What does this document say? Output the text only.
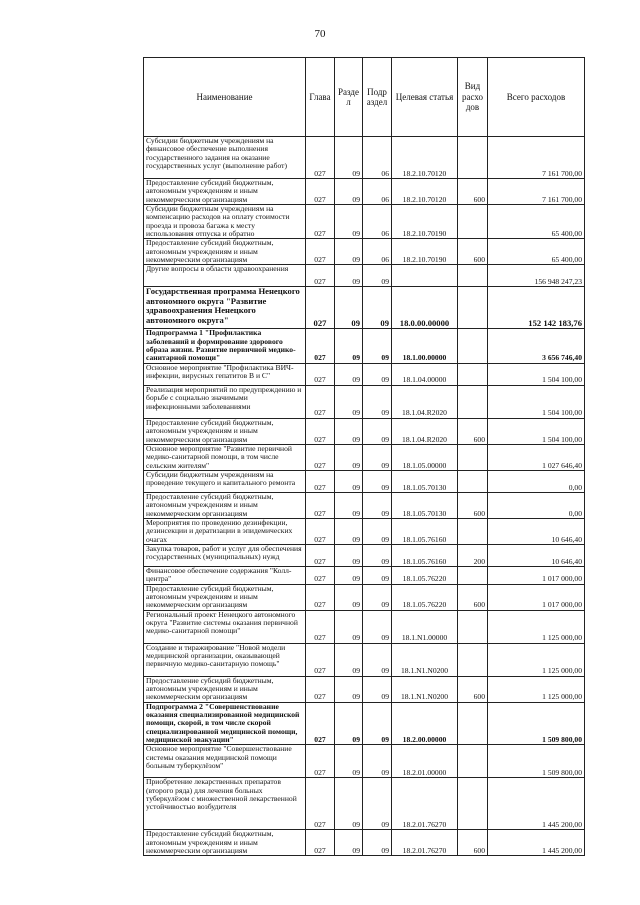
70
Наименование	Глава	Разде л	Подр аздел	Целевая статья	Вид расхо дов	Всего расходов
Субсидии бюджетным учреждениям на финансовое обеспечение выполнения государственного задания на оказание государственных услуг (выполнение работ)	027	09	06	18.2.10.70120		7 161 700,00
Предоставление субсидий бюджетным, автономным учреждениям и иным некоммерческим организациям	027	09	06	18.2.10.70120	600	7 161 700,00
Субсидии бюджетным учреждениям на компенсацию расходов на оплату стоимости проезда и провоза багажа к месту использования отпуска и обратно	027	09	06	18.2.10.70190		65 400,00
Предоставление субсидий бюджетным, автономным учреждениям и иным некоммерческим организациям	027	09	06	18.2.10.70190	600	65 400,00
Другие вопросы в области здравоохранения	027	09	09			156 948 247,23
Государственная программа Ненецкого автономного округа "Развитие здравоохранения Ненецкого автономного округа"	027	09	09	18.0.00.00000		152 142 183,76
Подпрограмма 1 "Профилактика заболеваний и формирование здорового образа жизни. Развитие первичной медико-санитарной помощи"	027	09	09	18.1.00.00000		3 656 746,40
Основное мероприятие "Профилактика ВИЧ-инфекции, вирусных гепатитов В и С"	027	09	09	18.1.04.00000		1 504 100,00
Реализация мероприятий по предупреждению и борьбе с социально значимыми инфекционными заболеваниями	027	09	09	18.1.04.R2020		1 504 100,00
Предоставление субсидий бюджетным, автономным учреждениям и иным некоммерческим организациям	027	09	09	18.1.04.R2020	600	1 504 100,00
Основное мероприятие "Развитие первичной медико-санитарной помощи, в том числе сельским жителям"	027	09	09	18.1.05.00000		1 027 646,40
Субсидии бюджетным учреждениям на проведение текущего и капитального ремонта	027	09	09	18.1.05.70130		0,00
Предоставление субсидий бюджетным, автономным учреждениям и иным некоммерческим организациям	027	09	09	18.1.05.70130	600	0,00
Мероприятия по проведению дезинфекции, дезинсекции и дератизации в эпидемических очагах	027	09	09	18.1.05.76160		10 646,40
Закупка товаров, работ и услуг для обеспечения государственных (муниципальных) нужд	027	09	09	18.1.05.76160	200	10 646,40
Финансовое обеспечение содержания "Колл-центра"	027	09	09	18.1.05.76220		1 017 000,00
Предоставление субсидий бюджетным, автономным учреждениям и иным некоммерческим организациям	027	09	09	18.1.05.76220	600	1 017 000,00
Региональный проект Ненецкого автономного округа "Развитие системы оказания первичной медико-санитарной помощи"	027	09	09	18.1.N1.00000		1 125 000,00
Создание и тиражирование "Новой модели медицинской организации, оказывающей первичную медико-санитарную помощь"	027	09	09	18.1.N1.N0200		1 125 000,00
Предоставление субсидий бюджетным, автономным учреждениям и иным некоммерческим организациям	027	09	09	18.1.N1.N0200	600	1 125 000,00
Подпрограмма 2 "Совершенствование оказания специализированной медицинской помощи, скорой, в том числе скорой специализированной медицинской помощи, медицинской эвакуации"	027	09	09	18.2.00.00000		1 509 800,00
Основное мероприятие "Совершенствование системы оказания медицинской помощи больным туберкулёзом"	027	09	09	18.2.01.00000		1 509 800,00
Приобретение лекарственных препаратов (второго ряда) для лечения больных туберкулёзом с множественной лекарственной устойчивостью возбудителя	027	09	09	18.2.01.76270		1 445 200,00
Предоставление субсидий бюджетным, автономным учреждениям и иным некоммерческим организациям	027	09	09	18.2.01.76270	600	1 445 200,00
